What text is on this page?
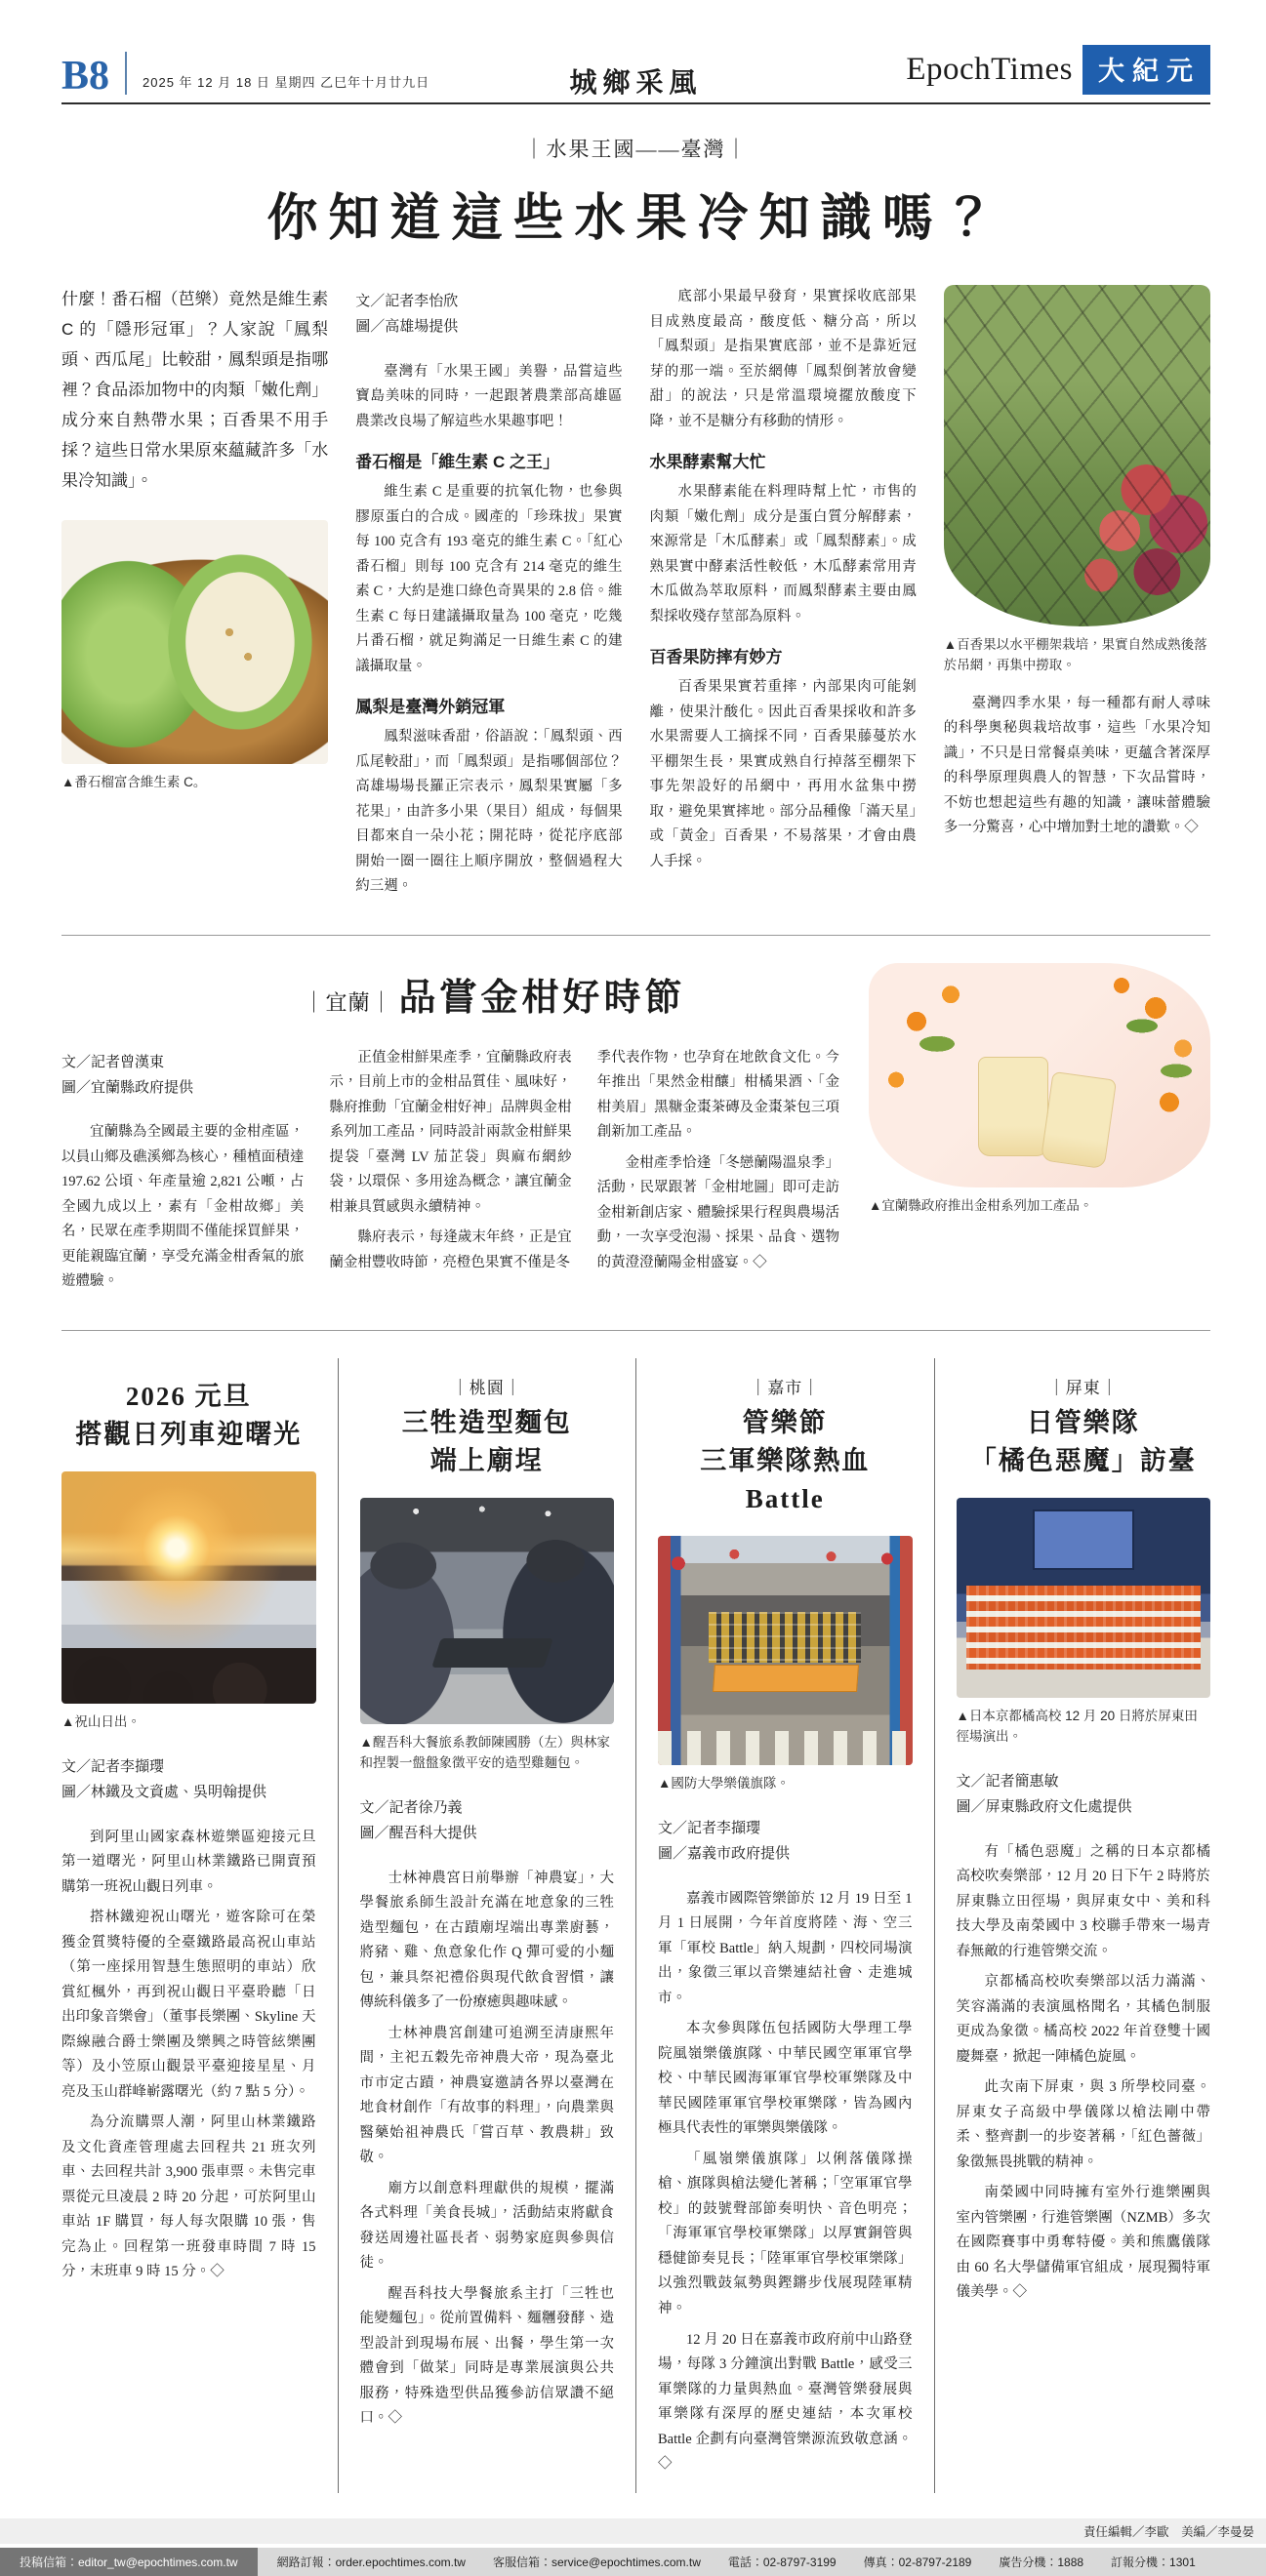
B8	2025 年 12 月 18 日 星期四 乙巳年十月廿九日	城鄉采風	EpochTimes 大紀元
｜水果王國——臺灣｜
你知道這些水果冷知識嗎？

什麼！番石榴（芭樂）竟然是維生素 C 的「隱形冠軍」？人家說「鳳梨頭、西瓜尾」比較甜，鳳梨頭是指哪裡？食品添加物中的肉類「嫩化劑」成分來自熱帶水果；百香果不用手採？這些日常水果原來蘊藏許多「水果冷知識」。

▲番石榴富含維生素 C。
文／記者李怡欣
圖／高雄場提供

臺灣有「水果王國」美譽，品嘗這些寶島美味的同時，一起跟著農業部高雄區農業改良場了解這些水果趣事吧！

番石榴是「維生素 C 之王」

維生素 C 是重要的抗氧化物，也參與膠原蛋白的合成。國產的「珍珠拔」果實每 100 克含有 193 毫克的維生素 C。「紅心番石榴」則每 100 克含有 214 毫克的維生素 C，大約是進口綠色奇異果的 2.8 倍。維生素 C 每日建議攝取量為 100 毫克，吃幾片番石榴，就足夠滿足一日維生素 C 的建議攝取量。

鳳梨是臺灣外銷冠軍

鳳梨滋味香甜，俗語說：「鳳梨頭、西瓜尾較甜」，而「鳳梨頭」是指哪個部位？高雄場場長羅正宗表示，鳳梨果實屬「多花果」，由許多小果（果目）組成，每個果目都來自一朵小花；開花時，從花序底部開始一圈一圈往上順序開放，整個過程大約三週。

底部小果最早發育，果實採收底部果目成熟度最高，酸度低、糖分高，所以「鳳梨頭」是指果實底部，並不是靠近冠芽的那一端。至於網傳「鳳梨倒著放會變甜」的說法，只是常溫環境擺放酸度下降，並不是糖分有移動的情形。

水果酵素幫大忙

水果酵素能在料理時幫上忙，市售的肉類「嫩化劑」成分是蛋白質分解酵素，來源常是「木瓜酵素」或「鳳梨酵素」。成熟果實中酵素活性較低，木瓜酵素常用青木瓜做為萃取原料，而鳳梨酵素主要由鳳梨採收殘存莖部為原料。

百香果防摔有妙方

百香果果實若重摔，內部果肉可能剝離，使果汁酸化。因此百香果採收和許多水果需要人工摘採不同，百香果藤蔓於水平棚架生長，果實成熟自行掉落至棚架下事先架設好的吊網中，再用水盆集中撈取，避免果實摔地。部分品種像「滿天星」或「黃金」百香果，不易落果，才會由農人手採。

▲百香果以水平棚架栽培，果實自然成熟後落於吊網，再集中撈取。

臺灣四季水果，每一種都有耐人尋味的科學奧秘與栽培故事，這些「水果冷知識」，不只是日常餐桌美味，更蘊含著深厚的科學原理與農人的智慧，下次品嘗時，不妨也想起這些有趣的知識，讓味蕾體驗多一分驚喜，心中增加對土地的讚歎。◇

｜宜蘭｜ 品嘗金柑好時節
文／記者曾漢東
圖／宜蘭縣政府提供

宜蘭縣為全國最主要的金柑產區，以員山鄉及礁溪鄉為核心，種植面積達 197.62 公頃、年產量逾 2,821 公噸，占全國九成以上，素有「金柑故鄉」美名，民眾在產季期間不僅能採買鮮果，更能親臨宜蘭，享受充滿金柑香氣的旅遊體驗。

正值金柑鮮果產季，宜蘭縣政府表示，目前上市的金柑品質佳、風味好，縣府推動「宜蘭金柑好神」品牌與金柑系列加工產品，同時設計兩款金柑鮮果提袋「臺灣 LV 茄芷袋」與麻布網紗袋，以環保、多用途為概念，讓宜蘭金柑兼具質感與永續精神。

縣府表示，每逢歲末年終，正是宜蘭金柑豐收時節，亮橙色果實不僅是冬

季代表作物，也孕育在地飲食文化。今年推出「果然金柑釀」柑橘果酒、「金柑美眉」黑糖金棗茶磚及金棗茶包三項創新加工產品。

金柑產季恰逢「冬戀蘭陽溫泉季」活動，民眾跟著「金柑地圖」即可走訪金柑新創店家、體驗採果行程與農場活動，一次享受泡湯、採果、品食、選物的黃澄澄蘭陽金柑盛宴。◇

▲宜蘭縣政府推出金柑系列加工產品。
2026 元旦
搭觀日列車迎曙光
▲祝山日出。
文／記者李擷瓔
圖／林鐵及文資處、吳明翰提供

到阿里山國家森林遊樂區迎接元旦第一道曙光，阿里山林業鐵路已開賣預購第一班祝山觀日列車。

搭林鐵迎祝山曙光，遊客除可在榮獲金質獎特優的全臺鐵路最高祝山車站（第一座採用智慧生態照明的車站）欣賞紅楓外，再到祝山觀日平臺聆聽「日出印象音樂會」（董事長樂團、Skyline 天際線融合爵士樂團及樂興之時管絃樂團等）及小笠原山觀景平臺迎接星星、月亮及玉山群峰嶄露曙光（約 7 點 5 分）。

為分流購票人潮，阿里山林業鐵路及文化資產管理處去回程共 21 班次列車、去回程共計 3,900 張車票。未售完車票從元旦凌晨 2 時 20 分起，可於阿里山車站 1F 購買，每人每次限購 10 張，售完為止。回程第一班發車時間 7 時 15 分，末班車 9 時 15 分。◇

｜桃園｜
三牲造型麵包
端上廟埕
▲醒吾科大餐旅系教師陳國勝（左）與林家和捏製一盤盤象徵平安的造型雞麵包。
文／記者徐乃義
圖／醒吾科大提供

士林神農宮日前舉辦「神農宴」，大學餐旅系師生設計充滿在地意象的三牲造型麵包，在古蹟廟埕端出專業廚藝，將豬、雞、魚意象化作 Q 彈可愛的小麵包，兼具祭祀禮俗與現代飲食習慣，讓傳統科儀多了一份療癒與趣味感。

士林神農宮創建可追溯至清康熙年間，主祀五穀先帝神農大帝，現為臺北市市定古蹟，神農宴邀請各界以臺灣在地食材創作「有故事的料理」，向農業與醫藥始祖神農氏「嘗百草、教農耕」致敬。

廟方以創意料理獻供的規模，擺滿各式料理「美食長城」，活動結束將獻食發送周邊社區長者、弱勢家庭與參與信徒。

醒吾科技大學餐旅系主打「三牲也能變麵包」。從前置備料、麵糰發酵、造型設計到現場布展、出餐，學生第一次體會到「做菜」同時是專業展演與公共服務，特殊造型供品獲參訪信眾讚不絕口。◇

｜嘉市｜
管樂節
三軍樂隊熱血 Battle
▲國防大學樂儀旗隊。
文／記者李擷瓔
圖／嘉義市政府提供

嘉義市國際管樂節於 12 月 19 日至 1 月 1 日展開，今年首度將陸、海、空三軍「軍校 Battle」納入規劃，四校同場演出，象徵三軍以音樂連結社會、走進城市。

本次參與隊伍包括國防大學理工學院風嶺樂儀旗隊、中華民國空軍軍官學校、中華民國海軍軍官學校軍樂隊及中華民國陸軍軍官學校軍樂隊，皆為國內極具代表性的軍樂與樂儀隊。

「風嶺樂儀旗隊」以俐落儀隊操槍、旗隊與槍法變化著稱；「空軍軍官學校」的鼓號聲部節奏明快、音色明亮；「海軍軍官學校軍樂隊」以厚實銅管與穩健節奏見長；「陸軍軍官學校軍樂隊」以強烈戰鼓氣勢與鏗鏘步伐展現陸軍精神。

12 月 20 日在嘉義市政府前中山路登場，每隊 3 分鐘演出對戰 Battle，感受三軍樂隊的力量與熱血。臺灣管樂發展與軍樂隊有深厚的歷史連結，本次軍校 Battle 企劃有向臺灣管樂源流致敬意涵。◇

｜屏東｜
日管樂隊
「橘色惡魔」訪臺
▲日本京都橘高校 12 月 20 日將於屏東田徑場演出。
文／記者簡惠敏
圖／屏東縣政府文化處提供

有「橘色惡魔」之稱的日本京都橘高校吹奏樂部，12 月 20 日下午 2 時將於屏東縣立田徑場，與屏東女中、美和科技大學及南榮國中 3 校聯手帶來一場青春無敵的行進管樂交流。

京都橘高校吹奏樂部以活力滿滿、笑容滿滿的表演風格聞名，其橘色制服更成為象徵。橘高校 2022 年首登雙十國慶舞臺，掀起一陣橘色旋風。

此次南下屏東，與 3 所學校同臺。屏東女子高級中學儀隊以槍法剛中帶柔、整齊劃一的步姿著稱，「紅色薔薇」象徵無畏挑戰的精神。

南榮國中同時擁有室外行進樂團與室內管樂團，行進管樂團（NZMB）多次在國際賽事中勇奪特優。美和熊鷹儀隊由 60 名大學儲備軍官組成，展現獨特軍儀美學。◇

責任編輯／李歐　美編／李曼晏
投稿信箱：editor_tw@epochtimes.com.tw	網路訂報：order.epochtimes.com.tw 客服信箱：service@epochtimes.com.tw 電話：02-8797-3199 傳真：02-8797-2189 廣告分機：1888 訂報分機：1301
